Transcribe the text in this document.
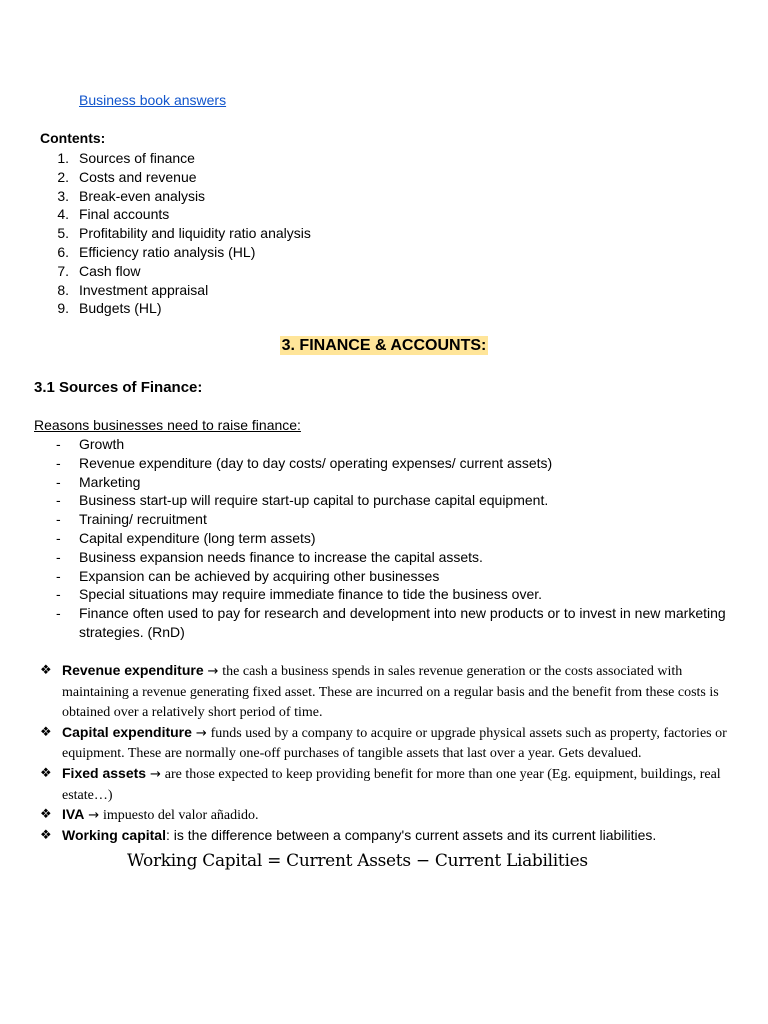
Business book answers
Contents:
1. Sources of finance
2. Costs and revenue
3. Break-even analysis
4. Final accounts
5. Profitability and liquidity ratio analysis
6. Efficiency ratio analysis (HL)
7. Cash flow
8. Investment appraisal
9. Budgets (HL)
3. FINANCE & ACCOUNTS:
3.1 Sources of Finance:
Reasons businesses need to raise finance:
-	Growth
-	Revenue expenditure (day to day costs/ operating expenses/ current assets)
-	Marketing
-	Business start-up will require start-up capital to purchase capital equipment.
-	Training/ recruitment
-	Capital expenditure (long term assets)
-	Business expansion needs finance to increase the capital assets.
-	Expansion can be achieved by acquiring other businesses
-	Special situations may require immediate finance to tide the business over.
-	Finance often used to pay for research and development into new products or to invest in new marketing strategies. (RnD)
❖ Revenue expenditure → the cash a business spends in sales revenue generation or the costs associated with maintaining a revenue generating fixed asset. These are incurred on a regular basis and the benefit from these costs is obtained over a relatively short period of time.
❖ Capital expenditure → funds used by a company to acquire or upgrade physical assets such as property, factories or equipment. These are normally one-off purchases of tangible assets that last over a year. Gets devalued.
❖ Fixed assets → are those expected to keep providing benefit for more than one year (Eg. equipment, buildings, real estate…)
❖ IVA → impuesto del valor añadido.
❖ Working capital: is the difference between a company's current assets and its current liabilities.
Working Capital = Current Assets − Current Liabilities
